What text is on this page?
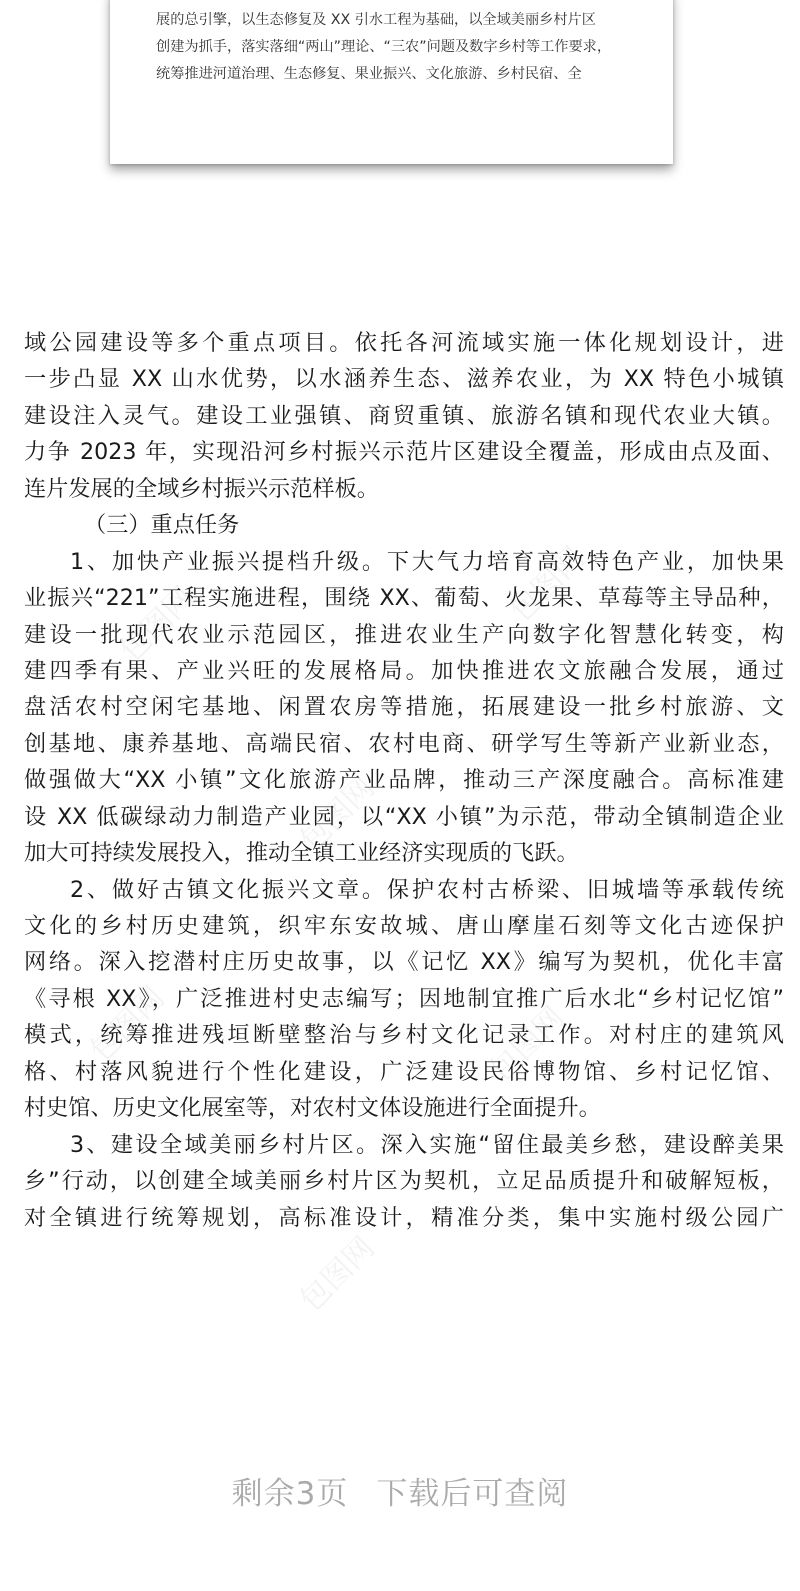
展的总引擎，以生态修复及 XX 引水工程为基础，以全域美丽乡村片区
创建为抓手，落实落细“两山”理论、“三农”问题及数字乡村等工作要求，
统筹推进河道治理、生态修复、果业振兴、文化旅游、乡村民宿、全
包图网	包图网
包图网
包图网	包图网
包图网
域公园建设等多个重点项目。依托各河流域实施一体化规划设计，进
一步凸显 XX 山水优势，以水涵养生态、滋养农业，为 XX 特色小城镇
建设注入灵气。建设工业强镇、商贸重镇、旅游名镇和现代农业大镇。
力争 2023 年，实现沿河乡村振兴示范片区建设全覆盖，形成由点及面、
连片发展的全域乡村振兴示范样板。
（三）重点任务
1、加快产业振兴提档升级。下大气力培育高效特色产业，加快果
业振兴“221”工程实施进程，围绕 XX、葡萄、火龙果、草莓等主导品种，
建设一批现代农业示范园区，推进农业生产向数字化智慧化转变，构
建四季有果、产业兴旺的发展格局。加快推进农文旅融合发展，通过
盘活农村空闲宅基地、闲置农房等措施，拓展建设一批乡村旅游、文
创基地、康养基地、高端民宿、农村电商、研学写生等新产业新业态，
做强做大“XX 小镇”文化旅游产业品牌，推动三产深度融合。高标准建
设 XX 低碳绿动力制造产业园，以“XX 小镇”为示范，带动全镇制造企业
加大可持续发展投入，推动全镇工业经济实现质的飞跃。
2、做好古镇文化振兴文章。保护农村古桥梁、旧城墙等承载传统
文化的乡村历史建筑，织牢东安故城、唐山摩崖石刻等文化古迹保护
网络。深入挖潜村庄历史故事，以《记忆 XX》编写为契机，优化丰富
《寻根 XX》，广泛推进村史志编写；因地制宜推广后水北“乡村记忆馆”
模式，统筹推进残垣断壁整治与乡村文化记录工作。对村庄的建筑风
格、村落风貌进行个性化建设，广泛建设民俗博物馆、乡村记忆馆、
村史馆、历史文化展室等，对农村文体设施进行全面提升。
3、建设全域美丽乡村片区。深入实施“留住最美乡愁，建设醉美果
乡”行动，以创建全域美丽乡村片区为契机，立足品质提升和破解短板，
对全镇进行统筹规划，高标准设计，精准分类，集中实施村级公园广
剩余3页 下载后可查阅
